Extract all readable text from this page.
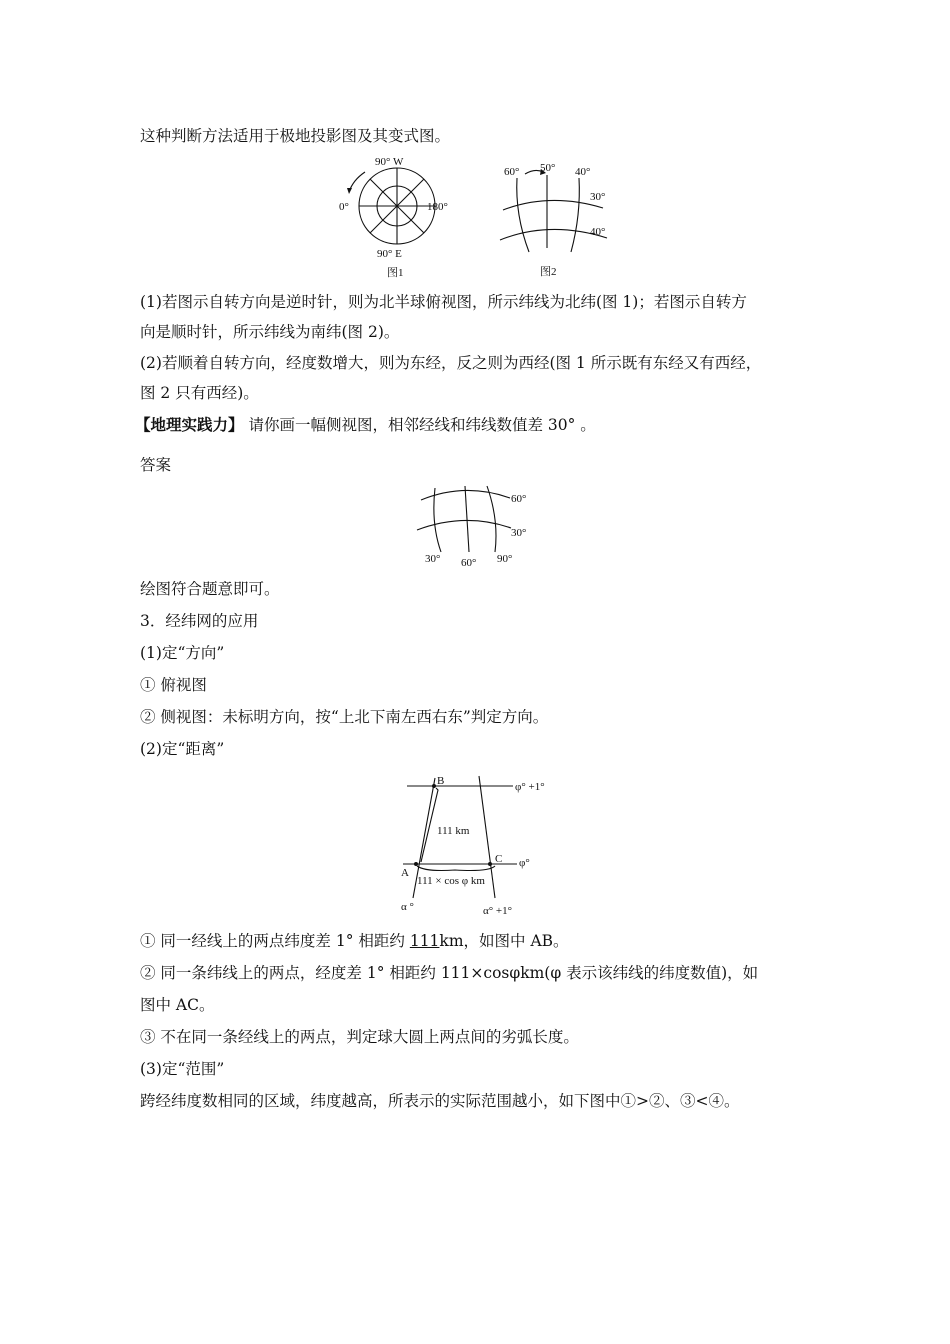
这种判断方法适用于极地投影图及其变式图。
90° W
0°	180°
90° E
图1
60° 50° 40°
30°
40°
图2
(1)若图示自转方向是逆时针，则为北半球俯视图，所示纬线为北纬(图 1)；若图示自转方
向是顺时针，所示纬线为南纬(图 2)。
(2)若顺着自转方向，经度数增大，则为东经，反之则为西经(图 1 所示既有东经又有西经，
图 2 只有西经)。
【地理实践力】 请你画一幅侧视图，相邻经线和纬线数值差 30° 。
答案
60°
30°
30° 60° 90°
绘图符合题意即可。
3．经纬网的应用
(1)定“方向”
① 俯视图
② 侧视图：未标明方向，按“上北下南左西右东”判定方向。
(2)定“距离”
B
C
A
φ° +1°
φ°
111 km
111 × cos φ km
α °	α° +1°
① 同一经线上的两点纬度差 1° 相距约 111km，如图中 AB。
② 同一条纬线上的两点，经度差 1° 相距约 111×cosφkm(φ 表示该纬线的纬度数值)，如
图中 AC。
③ 不在同一条经线上的两点，判定球大圆上两点间的劣弧长度。
(3)定“范围”
跨经纬度数相同的区域，纬度越高，所表示的实际范围越小，如下图中①>②、③<④。
